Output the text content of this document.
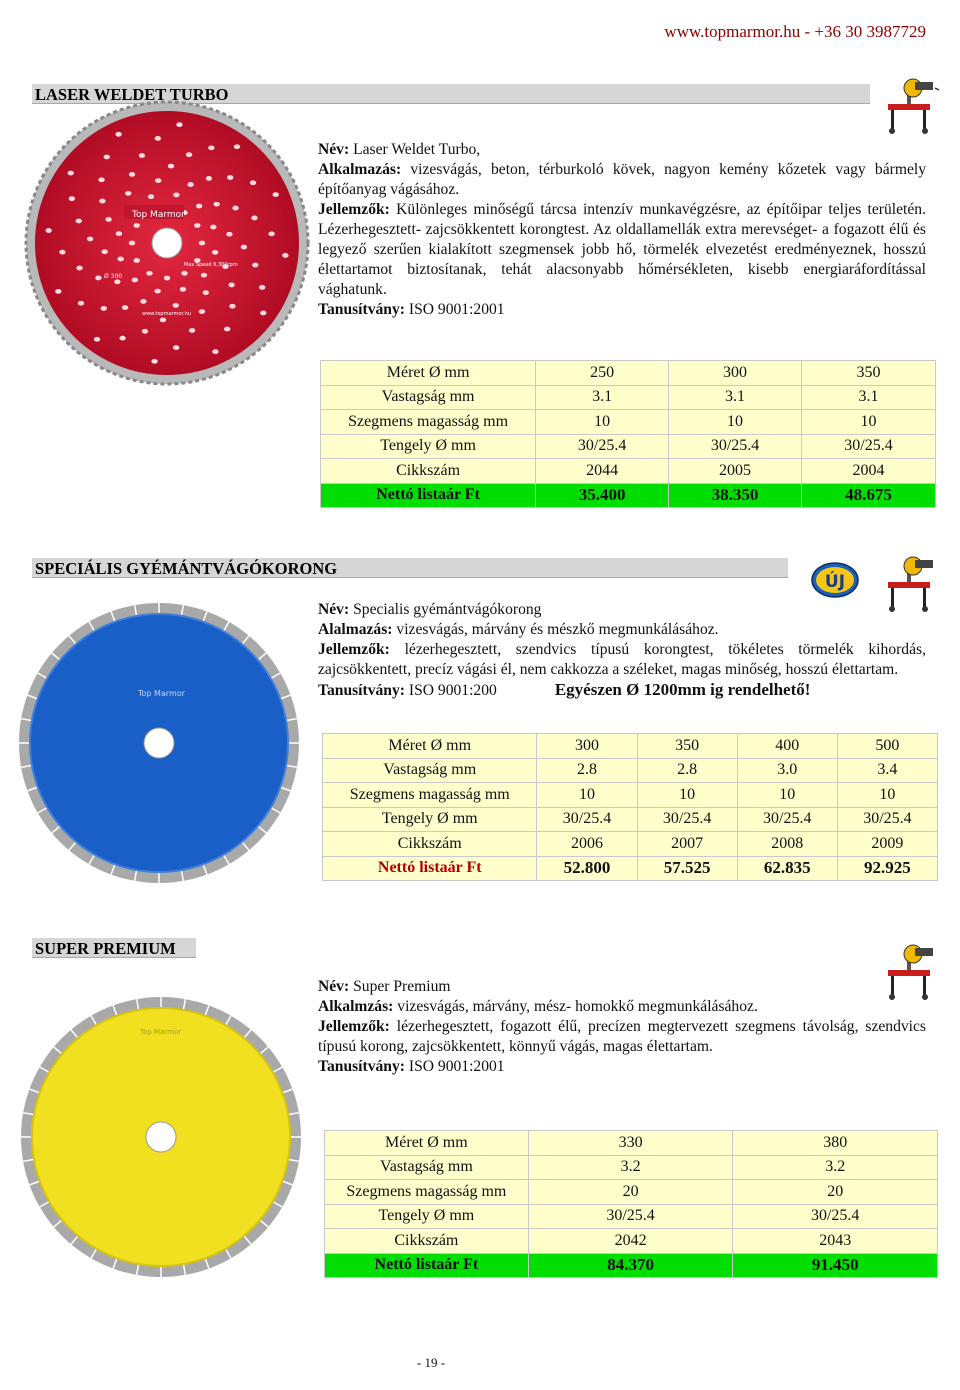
www.topmarmor.hu - +36 30 3987729
LASER WELDET TURBO
Top Marmor
Ø 300
Max Speed 6,300rpm
www.topmarmor.hu

Név: Laser Weldet Turbo,

Alkalmazás: vizesvágás, beton, térburkoló kövek, nagyon kemény kőzetek vagy bármely építőanyag vágásához.

Jellemzők: Különleges minőségű tárcsa intenzív munkavégzésre, az építőipar teljes területén. Lézerhegesztett- zajcsökkentett korongtest. Az oldallamellák extra merevséget- a fogazott élű és legyező szerűen kialakított szegmensek jobb hő, törmelék elvezetést eredményeznek, hosszú élettartamot biztosítanak, tehát alacsonyabb hőmérsékleten, kisebb energiaráfordítással vághatunk.

Tanusítvány: ISO 9001:2001

Méret Ø mm	250	300	350
Vastagság mm	3.1	3.1	3.1
Szegmens magasság mm	10	10	10
Tengely Ø mm	30/25.4	30/25.4	30/25.4
Cikkszám	2044	2005	2004
Nettó listaár Ft	35.400	38.350	48.675
SPECIÁLIS GYÉMÁNTVÁGÓKORONG
ÚJ
Top Marmor

Név: Specialis gyémántvágókorong

Alalmazás: vizesvágás, márvány és mészkő megmunkálásához.

Jellemzők: lézerhegesztett, szendvics típusú korongtest, tökéletes törmelék kihordás, zajcsökkentett, precíz vágási él, nem cakkozza a széleket, magas minőség, hosszú élettartam.

Tanusítvány: ISO 9001:200	Egyészen Ø 1200mm ig rendelhető!

Méret Ø mm	300	350	400	500
Vastagság mm	2.8	2.8	3.0	3.4
Szegmens magasság mm	10	10	10	10
Tengely Ø mm	30/25.4	30/25.4	30/25.4	30/25.4
Cikkszám	2006	2007	2008	2009
Nettó listaár Ft	52.800	57.525	62.835	92.925
SUPER PREMIUM
Top Marmor

Név: Super Premium

Alkalmzás: vizesvágás, márvány, mész- homokkő megmunkálásához.

Jellemzők: lézerhegesztett, fogazott élű, precízen megtervezett szegmens távolság, szendvics típusú korong, zajcsökkentett, könnyű vágás, magas élettartam.

Tanusítvány: ISO 9001:2001

Méret Ø mm	330	380
Vastagság mm	3.2	3.2
Szegmens magasság mm	20	20
Tengely Ø mm	30/25.4	30/25.4
Cikkszám	2042	2043
Nettó listaár Ft	84.370	91.450
- 19 -
